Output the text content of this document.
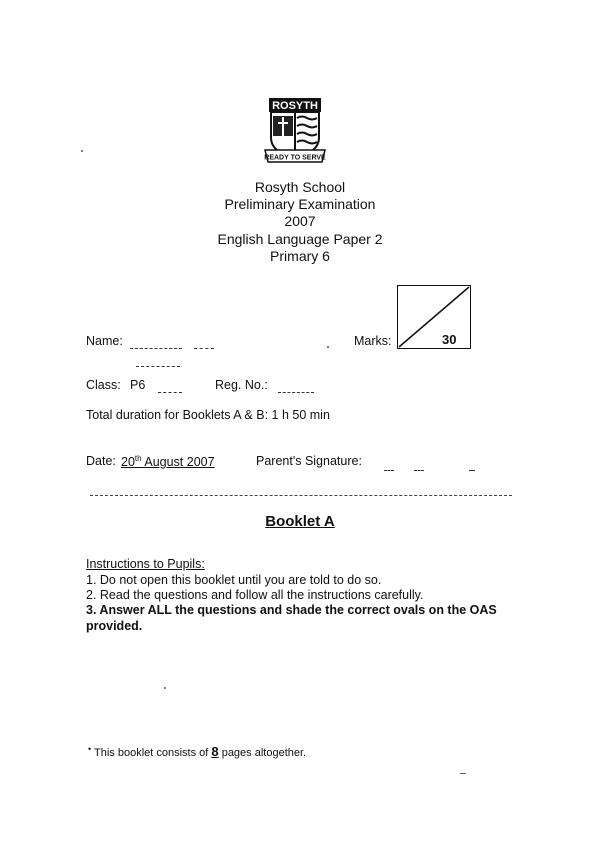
ROSYTH
READY TO SERVE
Rosyth School
Preliminary Examination
2007
English Language Paper 2
Primary 6
Name:
	Marks:	30
Class: P6	Reg. No.:
Total duration for Booklets A & B: 1 h 50 min
Date: 20th August 2007	Parent's Signature:

Booklet A
Instructions to Pupils:
1. Do not open this booklet until you are told to do so.
2. Read the questions and follow all the instructions carefully.
3. Answer ALL the questions and shade the correct ovals on the OAS provided.
• This booklet consists of 8 pages altogether.
